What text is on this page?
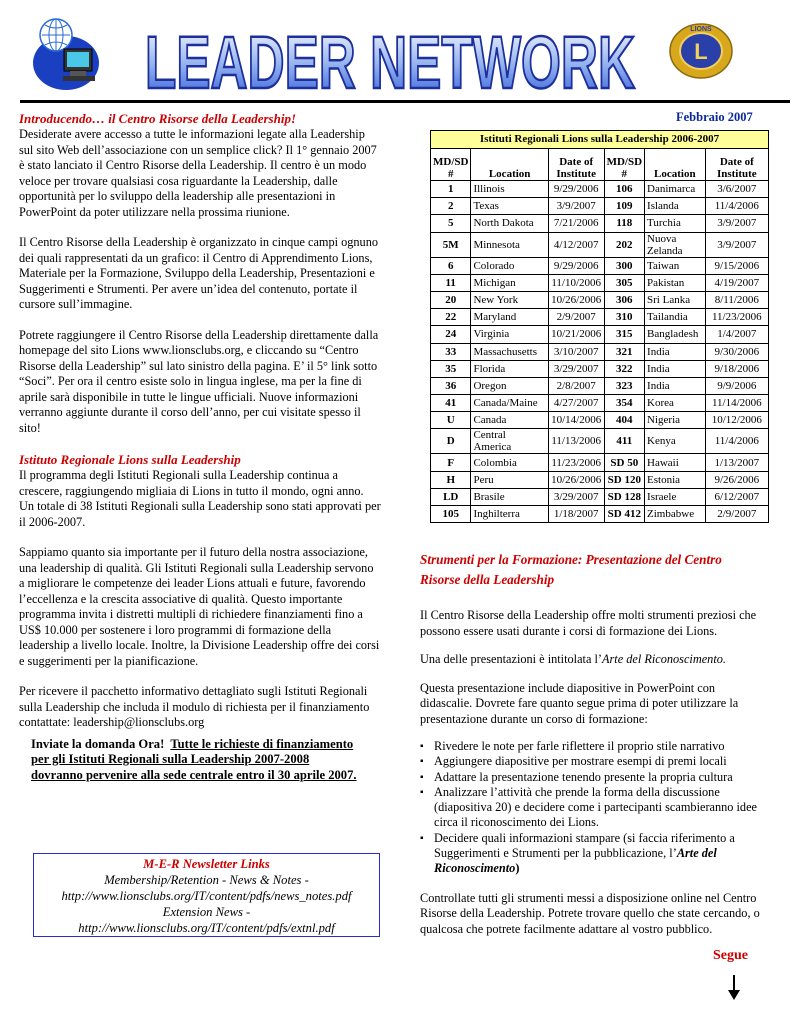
LEADER NETWORK	L
LIONS
Febbraio 2007
Introducendo… il Centro Risorse della Leadership!

Desiderate avere accesso a tutte le informazioni legate alla Leadership sul sito Web dell’associazione con un semplice click? Il 1° gennaio 2007 è stato lanciato il Centro Risorse della Leadership. Il centro è un modo veloce per trovare qualsiasi cosa riguardante la Leadership, dalle opportunità per lo sviluppo della leadership alle presentazioni in PowerPoint da poter utilizzare nella prossima riunione.

Il Centro Risorse della Leadership è organizzato in cinque campi ognuno dei quali rappresentati da un grafico: il Centro di Apprendimento Lions, Materiale per la Formazione, Sviluppo della Leadership, Presentazioni e Suggerimenti e Strumenti. Per avere un’idea del contenuto, portate il cursore sull’immagine.

Potrete raggiungere il Centro Risorse della Leadership direttamente dalla homepage del sito Lions www.lionsclubs.org, e cliccando su “Centro Risorse della Leadership” sul lato sinistro della pagina. E’ il 5° link sotto “Soci”. Per ora il centro esiste solo in lingua inglese, ma per la fine di aprile sarà disponibile in tutte le lingue ufficiali. Nuove informazioni verranno aggiunte durante il corso dell’anno, per cui visitate spesso il sito!

Istituto Regionale Lions sulla Leadership

Il programma degli Istituti Regionali sulla Leadership continua a crescere, raggiungendo migliaia di Lions in tutto il mondo, ogni anno. Un totale di 38 Istituti Regionali sulla Leadership sono stati approvati per il 2006-2007.

Sappiamo quanto sia importante per il futuro della nostra associazione, una leadership di qualità. Gli Istituti Regionali sulla Leadership servono a migliorare le competenze dei leader Lions attuali e future, favorendo l’eccellenza e la crescita associative di qualità. Questo importante programma invita i distretti multipli di richiedere finanziamenti fino a US$ 10.000 per sostenere i loro programmi di formazione della leadership a livello locale. Inoltre, la Divisione Leadership offre dei corsi e suggerimenti per la pianificazione.

Per ricevere il pacchetto informativo dettagliato sugli Istituti Regionali sulla Leadership che includa il modulo di richiesta per il finanziamento contattate: leadership@lionsclubs.org

Inviate la domanda Ora! Tutte le richieste di finanziamento per gli Istituti Regionali sulla Leadership 2007-2008 dovranno pervenire alla sede centrale entro il 30 aprile 2007.

M-E-R Newsletter Links
Membership/Retention - News & Notes -
http://www.lionsclubs.org/IT/content/pdfs/news_notes.pdf
Extension News -
http://www.lionsclubs.org/IT/content/pdfs/extnl.pdf
Istituti Regionali Lions sulla Leadership 2006-2007
MD/SD #	Location	Date of Institute	MD/SD #	Location	Date of Institute
1	Illinois	9/29/2006	106	Danimarca	3/6/2007
2	Texas	3/9/2007	109	Islanda	11/4/2006
5	North Dakota	7/21/2006	118	Turchia	3/9/2007
5M	Minnesota	4/12/2007	202	Nuova Zelanda	3/9/2007
6	Colorado	9/29/2006	300	Taiwan	9/15/2006
11	Michigan	11/10/2006	305	Pakistan	4/19/2007
20	New York	10/26/2006	306	Sri Lanka	8/11/2006
22	Maryland	2/9/2007	310	Tailandia	11/23/2006
24	Virginia	10/21/2006	315	Bangladesh	1/4/2007
33	Massachusetts	3/10/2007	321	India	9/30/2006
35	Florida	3/29/2007	322	India	9/18/2006
36	Oregon	2/8/2007	323	India	9/9/2006
41	Canada/Maine	4/27/2007	354	Korea	11/14/2006
U	Canada	10/14/2006	404	Nigeria	10/12/2006
D	Central America	11/13/2006	411	Kenya	11/4/2006
F	Colombia	11/23/2006	SD 50	Hawaii	1/13/2007
H	Peru	10/26/2006	SD 120	Estonia	9/26/2006
LD	Brasile	3/29/2007	SD 128	Israele	6/12/2007
105	Inghilterra	1/18/2007	SD 412	Zimbabwe	2/9/2007
Strumenti per la Formazione: Presentazione del Centro Risorse della Leadership

Il Centro Risorse della Leadership offre molti strumenti preziosi che possono essere usati durante i corsi di formazione dei Lions.

Una delle presentazioni è intitolata l’Arte del Riconoscimento.

Questa presentazione include diapositive in PowerPoint con didascalie. Dovrete fare quanto segue prima di poter utilizzare la presentazione durante un corso di formazione:

▪ Rivedere le note per farle riflettere il proprio stile narrativo
▪ Aggiungere diapositive per mostrare esempi di premi locali
▪ Adattare la presentazione tenendo presente la propria cultura
▪ Analizzare l’attività che prende la forma della discussione (diapositiva 20) e decidere come i partecipanti scambieranno idee circa il riconoscimento dei Lions.
▪ Decidere quali informazioni stampare (si faccia riferimento a Suggerimenti e Strumenti per la pubblicazione, l’Arte del Riconoscimento)

Controllate tutti gli strumenti messi a disposizione online nel Centro Risorse della Leadership. Potrete trovare quello che state cercando, o qualcosa che potrete facilmente adattare al vostro pubblico.

Segue
